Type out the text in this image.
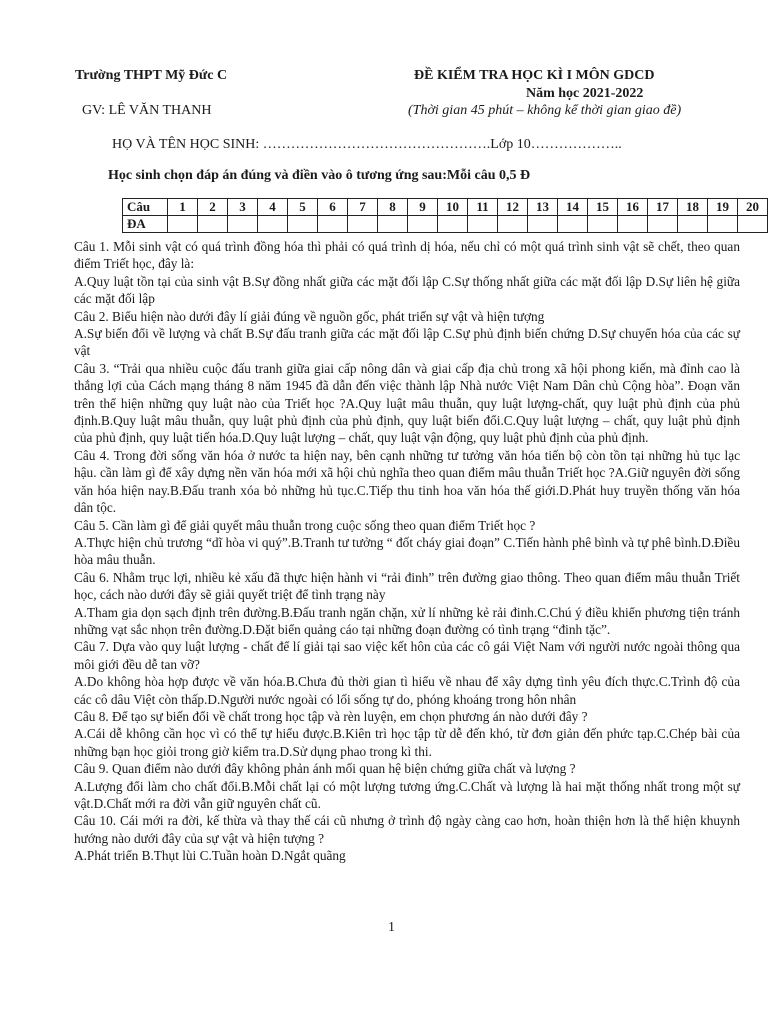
Trường THPT Mỹ Đức C	ĐỀ KIỂM TRA HỌC KÌ I MÔN GDCD
Năm học 2021-2022
GV: LÊ VĂN THANH	(Thời gian 45 phút – không kể thời gian giao đề)
HỌ VÀ TÊN HỌC SINH: ………………………………………….Lớp 10………………..
Học sinh chọn đáp án đúng và điền vào ô tương ứng sau:Mỗi câu 0,5 Đ
Câu	1	2	3	4	5	6	7	8	9	10	11	12	13	14	15	16	17	18	19	20
ĐA																				

Câu 1. Mỗi sinh vật có quá trình đồng hóa thì phải có quá trình dị hóa, nếu chỉ có một quá trình sinh vật sẽ chết, theo quan điểm Triết học, đây là:

A.Quy luật tồn tại của sinh vật B.Sự đồng nhất giữa các mặt đối lập C.Sự thống nhất giữa các mặt đối lập D.Sự liên hệ giữa các mặt đối lập

Câu 2. Biểu hiện nào dưới đây lí giải đúng về nguồn gốc, phát triển sự vật và hiện tượng

A.Sự biến đổi về lượng và chất B.Sự đấu tranh giữa các mặt đối lập C.Sự phủ định biến chứng D.Sự chuyển hóa của các sự vật

Câu 3. “Trải qua nhiều cuộc đấu tranh giữa giai cấp nông dân và giai cấp địa chủ trong xã hội phong kiến, mà đỉnh cao là thắng lợi của Cách mạng tháng 8 năm 1945 đã dẫn đến việc thành lập Nhà nước Việt Nam Dân chủ Cộng hòa”. Đoạn văn trên thể hiện những quy luật nào của Triết học ?A.Quy luật mâu thuẫn, quy luật lượng-chất, quy luật phủ định của phủ định.B.Quy luật mâu thuẫn, quy luật phủ định của phủ định, quy luật biến đổi.C.Quy luật lượng – chất, quy luật phủ định của phủ định, quy luật tiến hóa.D.Quy luật lượng – chất, quy luật vận động, quy luật phủ định của phủ định.

Câu 4. Trong đời sống văn hóa ở nước ta hiện nay, bên cạnh những tư tưởng văn hóa tiến bộ còn tồn tại những hủ tục lạc hậu. cần làm gì để xây dựng nền văn hóa mới xã hội chủ nghĩa theo quan điểm mâu thuẫn Triết học ?A.Giữ nguyên đời sống văn hóa hiện nay.B.Đấu tranh xóa bỏ những hủ tục.C.Tiếp thu tinh hoa văn hóa thế giới.D.Phát huy truyền thống văn hóa dân tộc.

Câu 5. Cần làm gì để giải quyết mâu thuẫn trong cuộc sống theo quan điểm Triết học ?

A.Thực hiện chủ trương “dĩ hòa vi quý”.B.Tranh tư tưởng “ đốt cháy giai đoạn” C.Tiến hành phê bình và tự phê bình.D.Điều hòa mâu thuẫn.

Câu 6. Nhằm trục lợi, nhiều kẻ xấu đã thực hiện hành vi “rải đinh” trên đường giao thông. Theo quan điểm mâu thuẫn Triết học, cách nào dưới đây sẽ giải quyết triệt để tình trạng này

A.Tham gia dọn sạch định trên đường.B.Đấu tranh ngăn chặn, xử lí những kẻ rải đinh.C.Chú ý điều khiển phương tiện tránh những vạt sắc nhọn trên đường.D.Đặt biển quảng cáo tại những đoạn đường có tình trạng “đinh tặc”.

Câu 7. Dựa vào quy luật lượng - chất để lí giải tại sao việc kết hôn của các cô gái Việt Nam với người nước ngoài thông qua môi giới đều dễ tan vỡ?

A.Do không hòa hợp được về văn hóa.B.Chưa đủ thời gian tì hiểu về nhau để xây dựng tình yêu đích thực.C.Trình độ của các cô dâu Việt còn thấp.D.Người nước ngoài có lối sống tự do, phóng khoáng trong hôn nhân

Câu 8. Để tạo sự biến đổi về chất trong học tập và rèn luyện, em chọn phương án nào dưới đây ?

A.Cái dễ không cần học vì có thể tự hiểu được.B.Kiên trì học tập từ dễ đến khó, từ đơn giản đến phức tạp.C.Chép bài của những bạn học giỏi trong giờ kiểm tra.D.Sử dụng phao trong kì thi.

Câu 9. Quan điểm nào dưới đây không phản ánh mối quan hệ biện chứng giữa chất và lượng ?

A.Lượng đổi làm cho chất đổi.B.Mỗi chất lại có một lượng tương ứng.C.Chất và lượng là hai mặt thống nhất trong một sự vật.D.Chất mới ra đời vẫn giữ nguyên chất cũ.

Câu 10. Cái mới ra đời, kế thừa và thay thế cái cũ nhưng ở trình độ ngày càng cao hơn, hoàn thiện hơn là thể hiện khuynh hướng nào dưới đây của sự vật và hiện tượng ?

A.Phát triển B.Thụt lùi C.Tuần hoàn D.Ngắt quãng

1
